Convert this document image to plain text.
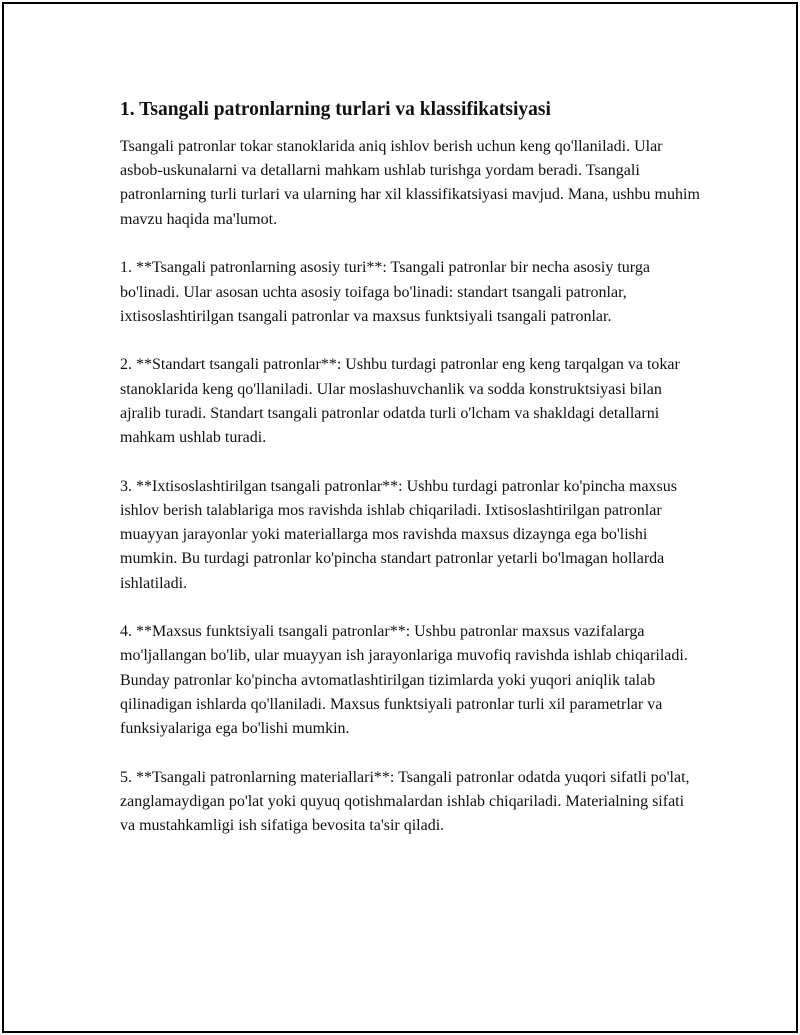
1. Tsangali patronlarning turlari va klassifikatsiyasi

Tsangali patronlar tokar stanoklarida aniq ishlov berish uchun keng qo'llaniladi. Ular asbob-uskunalarni va detallarni mahkam ushlab turishga yordam beradi. Tsangali patronlarning turli turlari va ularning har xil klassifikatsiyasi mavjud. Mana, ushbu muhim mavzu haqida ma'lumot.

1. **Tsangali patronlarning asosiy turi**: Tsangali patronlar bir necha asosiy turga bo'linadi. Ular asosan uchta asosiy toifaga bo'linadi: standart tsangali patronlar, ixtisoslashtirilgan tsangali patronlar va maxsus funktsiyali tsangali patronlar.

2. **Standart tsangali patronlar**: Ushbu turdagi patronlar eng keng tarqalgan va tokar stanoklarida keng qo'llaniladi. Ular moslashuvchanlik va sodda konstruktsiyasi bilan ajralib turadi. Standart tsangali patronlar odatda turli o'lcham va shakldagi detallarni mahkam ushlab turadi.

3. **Ixtisoslashtirilgan tsangali patronlar**: Ushbu turdagi patronlar ko'pincha maxsus ishlov berish talablariga mos ravishda ishlab chiqariladi. Ixtisoslashtirilgan patronlar muayyan jarayonlar yoki materiallarga mos ravishda maxsus dizaynga ega bo'lishi mumkin. Bu turdagi patronlar ko'pincha standart patronlar yetarli bo'lmagan hollarda ishlatiladi.

4. **Maxsus funktsiyali tsangali patronlar**: Ushbu patronlar maxsus vazifalarga mo'ljallangan bo'lib, ular muayyan ish jarayonlariga muvofiq ravishda ishlab chiqariladi. Bunday patronlar ko'pincha avtomatlashtirilgan tizimlarda yoki yuqori aniqlik talab qilinadigan ishlarda qo'llaniladi. Maxsus funktsiyali patronlar turli xil parametrlar va funksiyalariga ega bo'lishi mumkin.

5. **Tsangali patronlarning materiallari**: Tsangali patronlar odatda yuqori sifatli po'lat, zanglamaydigan po'lat yoki quyuq qotishmalardan ishlab chiqariladi. Materialning sifati va mustahkamligi ish sifatiga bevosita ta'sir qiladi.
